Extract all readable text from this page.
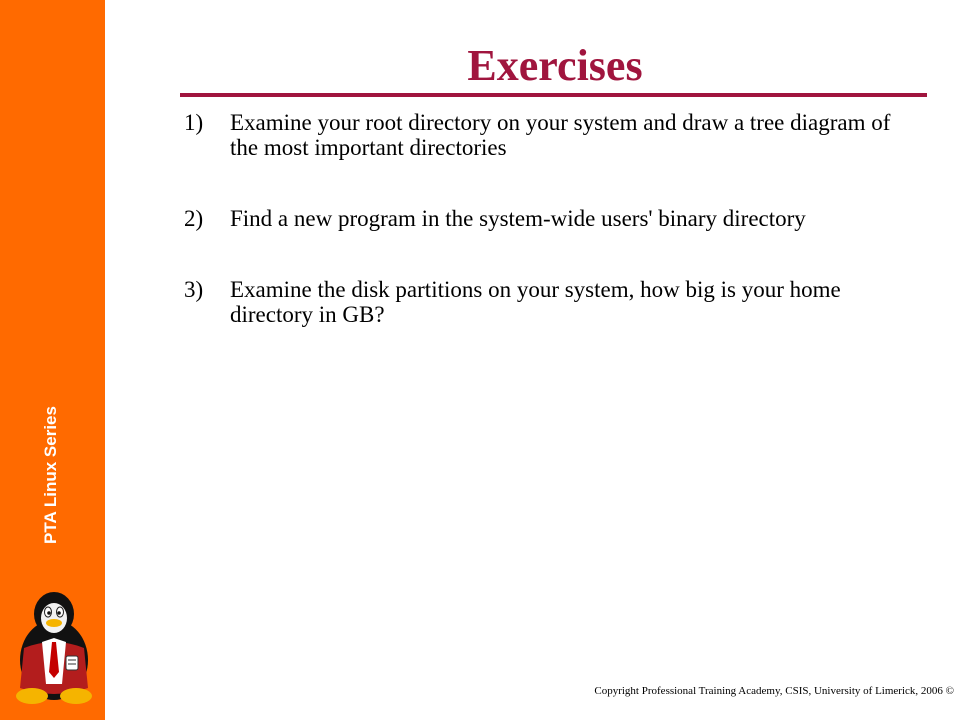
PTA Linux Series
Exercises
1) Examine your root directory on your system and draw a tree diagram of the most important directories
2) Find a new program in the system-wide users' binary directory
3) Examine the disk partitions on your system, how big is your home directory in GB?
Copyright Professional Training Academy, CSIS, University of Limerick, 2006 ©
